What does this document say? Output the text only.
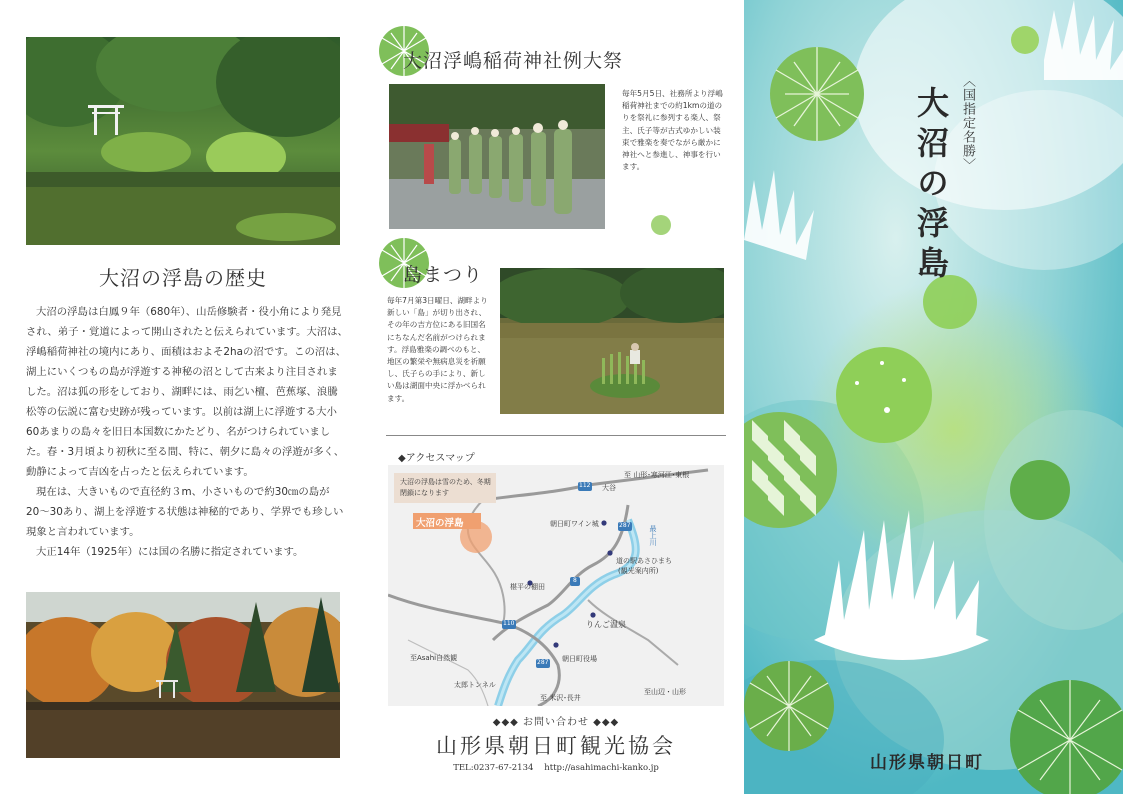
大沼の浮島の歴史

大沼の浮島は白鳳９年（680年）、山岳修験者・役小角により発見され、弟子・覚道によって開山されたと伝えられています。大沼は、浮嶋稲荷神社の境内にあり、面積はおよそ2haの沼です。この沼は、湖上にいくつもの島が浮遊する神秘の沼として古来より注目されました。沼は狐の形をしており、湖畔には、雨乞い檀、芭蕉塚、浪騰松等の伝説に富む史跡が残っています。以前は湖上に浮遊する大小60あまりの島々を旧日本国数にかたどり、名がつけられていました。春・3月頃より初秋に至る間、特に、朝夕に島々の浮遊が多く、動静によって吉凶を占ったと伝えられています。

現在は、大きいもので直径約３m、小さいもので約30㎝の島が20〜30あり、湖上を浮遊する状態は神秘的であり、学界でも珍しい現象と言われています。

大正14年（1925年）には国の名勝に指定されています。

大沼浮嶋稲荷神社例大祭
毎年5月5日、社務所より浮嶋稲荷神社までの約1kmの道のりを祭礼に参列する楽人、祭主、氏子等が古式ゆかしい装束で雅楽を奏でながら厳かに神社へと参進し、神事を行います。
島まつり
毎年7月第3日曜日、湖畔より新しい「島」が切り出され、その年の吉方位にある旧国名にちなんだ名前がつけられます。浮島雅楽の調べのもと、地区の繁栄や無病息災を祈願し、氏子らの手により、新しい島は湖面中央に浮かべられます。
◆アクセスマップ
大沼の浮島は雪のため、冬期閉鎖になります
大沼の浮島
至 山形･寒河江･東根
大谷
朝日町ワイン城
最上川
道の駅あさひまち
(観光案内所)
椹平の棚田
りんご温泉
朝日町役場
至Asahi自然観
太郎トンネル
至 米沢･長井
至山辺・山形
112
287
8
110
287
◆◆◆ お問い合わせ ◆◆◆
山形県朝日町観光協会
TEL:0237-67-2134 http://asahimachi-kanko.jp
〈国指定名勝〉
大沼の浮島
山形県朝日町
